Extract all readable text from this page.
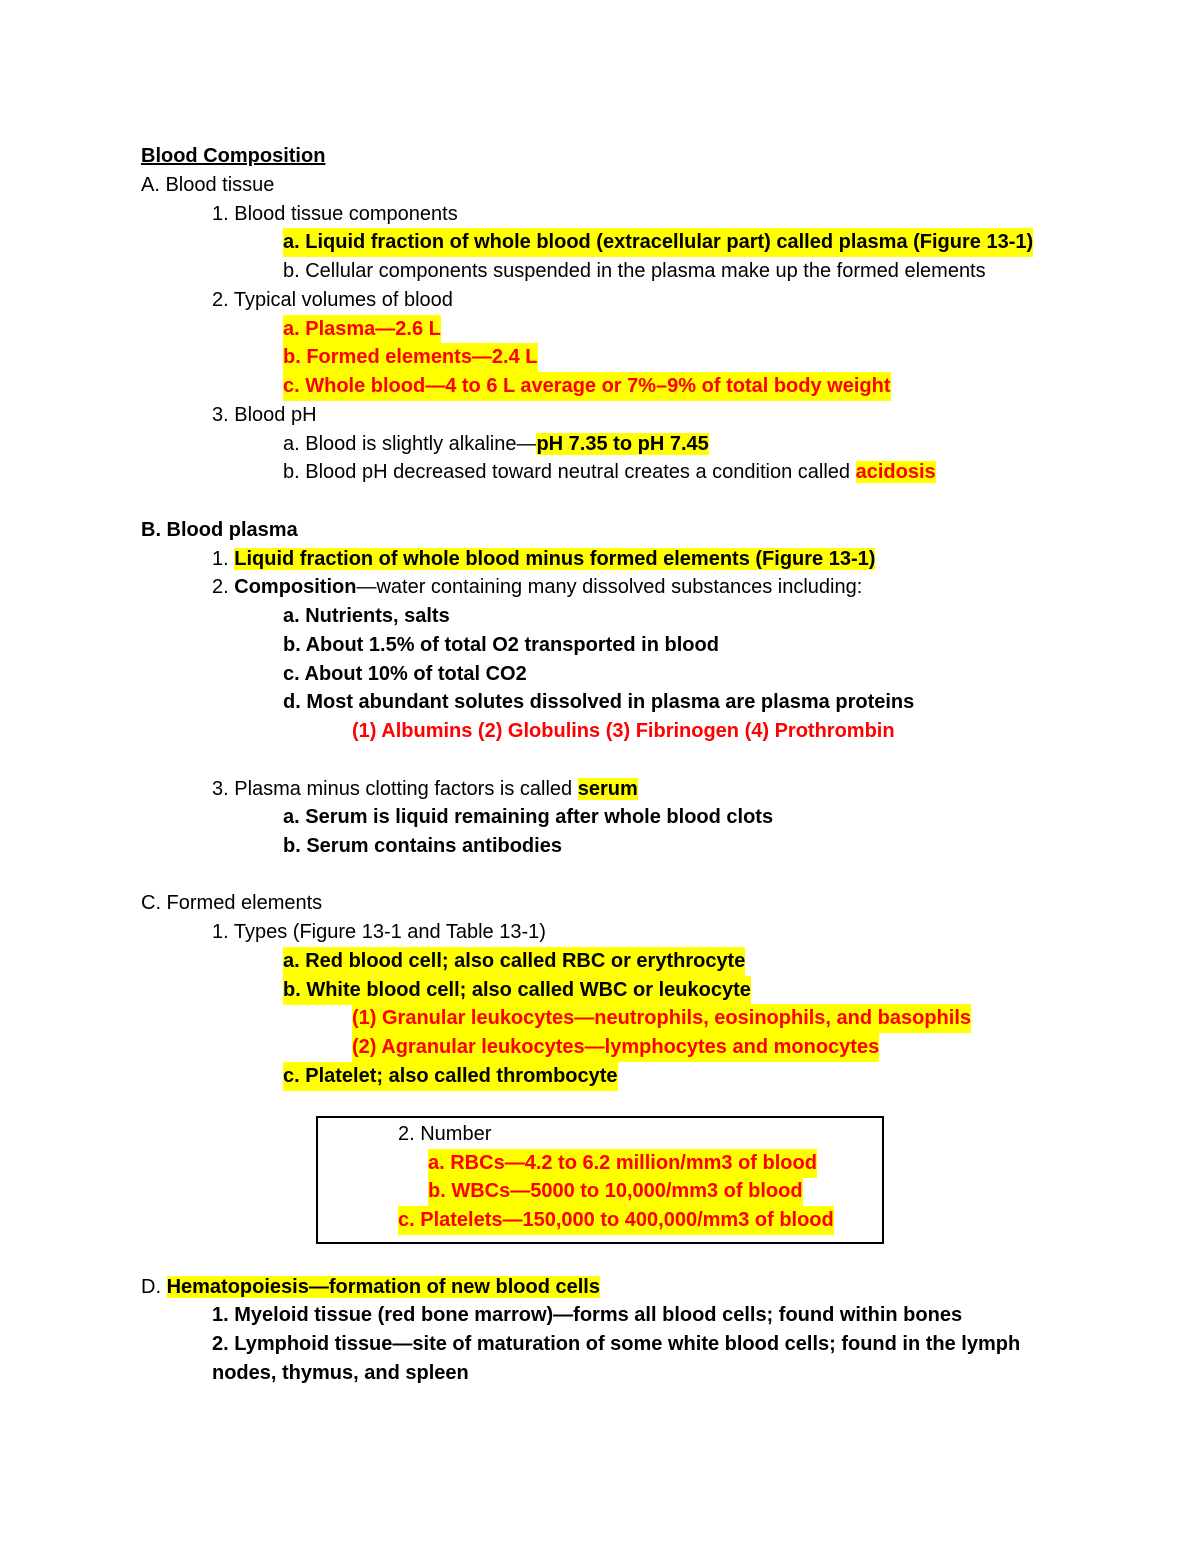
Blood Composition
A. Blood tissue
1. Blood tissue components
a. Liquid fraction of whole blood (extracellular part) called plasma (Figure 13-1)
b. Cellular components suspended in the plasma make up the formed elements
2. Typical volumes of blood
a. Plasma—2.6 L
b. Formed elements—2.4 L
c. Whole blood—4 to 6 L average or 7%–9% of total body weight
3. Blood pH
a. Blood is slightly alkaline—pH 7.35 to pH 7.45
b. Blood pH decreased toward neutral creates a condition called acidosis
B. Blood plasma
1. Liquid fraction of whole blood minus formed elements (Figure 13-1)
2. Composition—water containing many dissolved substances including:
a. Nutrients, salts
b. About 1.5% of total O2 transported in blood
c. About 10% of total CO2
d. Most abundant solutes dissolved in plasma are plasma proteins
(1) Albumins (2) Globulins (3) Fibrinogen (4) Prothrombin
3. Plasma minus clotting factors is called serum
a. Serum is liquid remaining after whole blood clots
b. Serum contains antibodies
C. Formed elements
1. Types (Figure 13-1 and Table 13-1)
a. Red blood cell; also called RBC or erythrocyte
b. White blood cell; also called WBC or leukocyte
(1) Granular leukocytes—neutrophils, eosinophils, and basophils
(2) Agranular leukocytes—lymphocytes and monocytes
c. Platelet; also called thrombocyte
2. Number
a. RBCs—4.2 to 6.2 million/mm3 of blood
b. WBCs—5000 to 10,000/mm3 of blood
c. Platelets—150,000 to 400,000/mm3 of blood
D. Hematopoiesis—formation of new blood cells
1. Myeloid tissue (red bone marrow)—forms all blood cells; found within bones
2. Lymphoid tissue—site of maturation of some white blood cells; found in the lymph
nodes, thymus, and spleen
